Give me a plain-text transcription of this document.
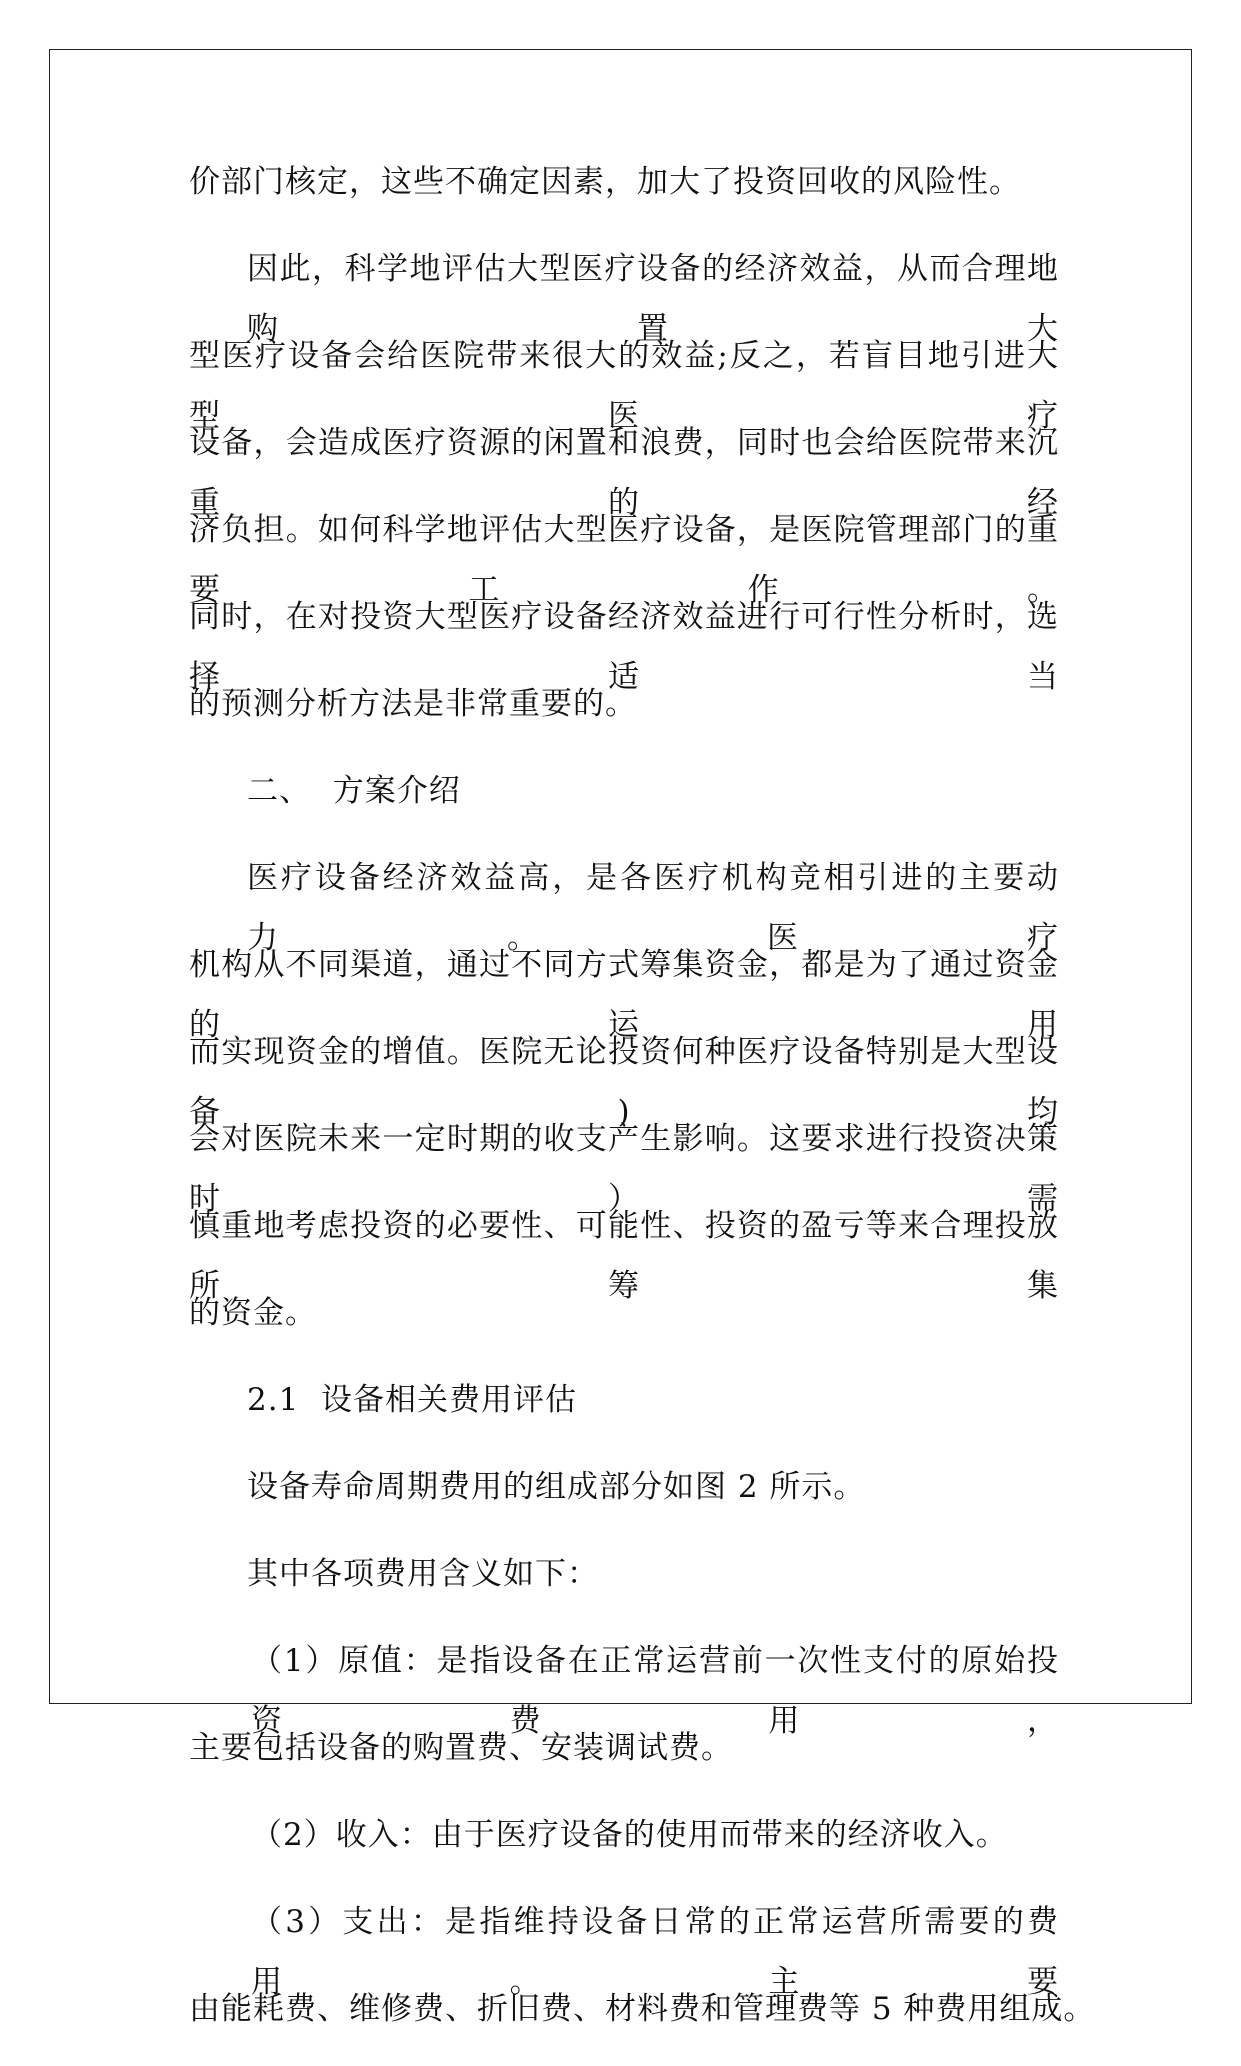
价部门核定，这些不确定因素，加大了投资回收的风险性。
因此，科学地评估大型医疗设备的经济效益，从而合理地购置大
型医疗设备会给医院带来很大的效益;反之，若盲目地引进大型医疗
设备，会造成医疗资源的闲置和浪费，同时也会给医院带来沉重的经
济负担。如何科学地评估大型医疗设备，是医院管理部门的重要工作。
同时，在对投资大型医疗设备经济效益进行可行性分析时，选择适当
的预测分析方法是非常重要的。
二、  方案介绍
医疗设备经济效益高，是各医疗机构竞相引进的主要动力。医疗
机构从不同渠道，通过不同方式筹集资金，都是为了通过资金的运用
而实现资金的增值。医院无论投资何种医疗设备特别是大型设备)均
会对医院未来一定时期的收支产生影响。这要求进行投资决策时）需
慎重地考虑投资的必要性、可能性、投资的盈亏等来合理投放所筹集
的资金。
2.1  设备相关费用评估
设备寿命周期费用的组成部分如图 2 所示。
其中各项费用含义如下：
（1）原值：是指设备在正常运营前一次性支付的原始投资费用，
主要包括设备的购置费、安装调试费。
（2）收入：由于医疗设备的使用而带来的经济收入。
（3）支出：是指维持设备日常的正常运营所需要的费用。主要
由能耗费、维修费、折旧费、材料费和管理费等 5 种费用组成。
